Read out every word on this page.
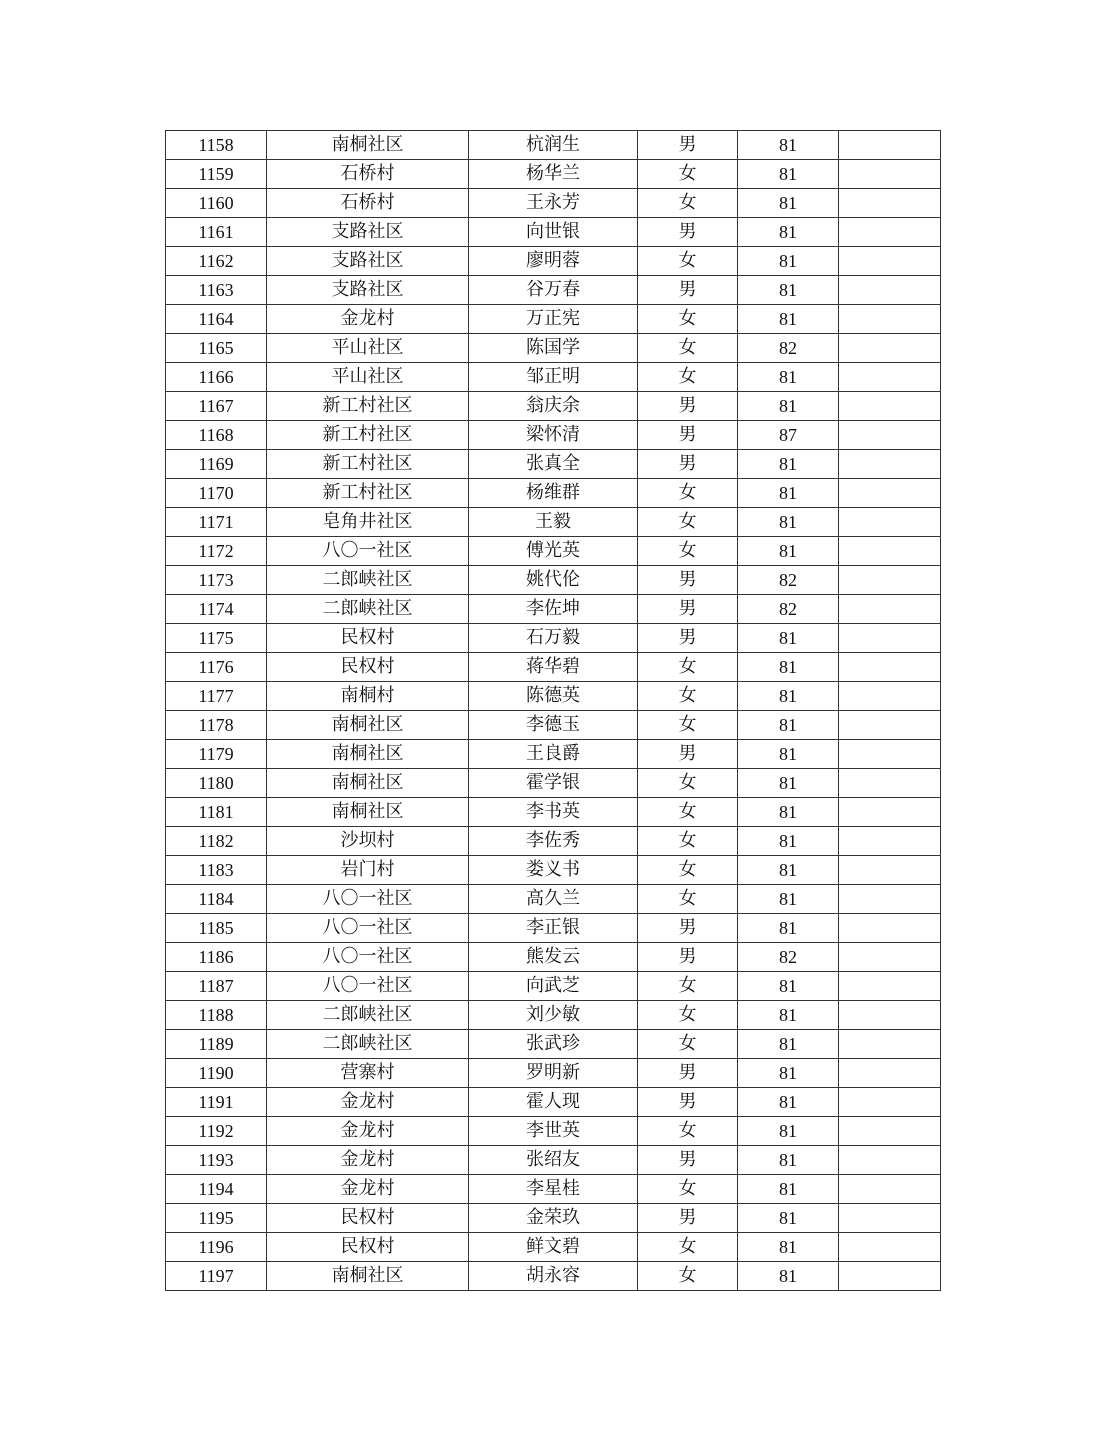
1158	南桐社区	杭润生	男	81	
1159	石桥村	杨华兰	女	81	
1160	石桥村	王永芳	女	81	
1161	支路社区	向世银	男	81	
1162	支路社区	廖明蓉	女	81	
1163	支路社区	谷万春	男	81	
1164	金龙村	万正宪	女	81	
1165	平山社区	陈国学	女	82	
1166	平山社区	邹正明	女	81	
1167	新工村社区	翁庆余	男	81	
1168	新工村社区	梁怀清	男	87	
1169	新工村社区	张真全	男	81	
1170	新工村社区	杨维群	女	81	
1171	皂角井社区	王毅	女	81	
1172	八〇一社区	傅光英	女	81	
1173	二郎峡社区	姚代伦	男	82	
1174	二郎峡社区	李佐坤	男	82	
1175	民权村	石万毅	男	81	
1176	民权村	蒋华碧	女	81	
1177	南桐村	陈德英	女	81	
1178	南桐社区	李德玉	女	81	
1179	南桐社区	王良爵	男	81	
1180	南桐社区	霍学银	女	81	
1181	南桐社区	李书英	女	81	
1182	沙坝村	李佐秀	女	81	
1183	岩门村	娄义书	女	81	
1184	八〇一社区	高久兰	女	81	
1185	八〇一社区	李正银	男	81	
1186	八〇一社区	熊发云	男	82	
1187	八〇一社区	向武芝	女	81	
1188	二郎峡社区	刘少敏	女	81	
1189	二郎峡社区	张武珍	女	81	
1190	营寨村	罗明新	男	81	
1191	金龙村	霍人现	男	81	
1192	金龙村	李世英	女	81	
1193	金龙村	张绍友	男	81	
1194	金龙村	李星桂	女	81	
1195	民权村	金荣玖	男	81	
1196	民权村	鲜文碧	女	81	
1197	南桐社区	胡永容	女	81	
